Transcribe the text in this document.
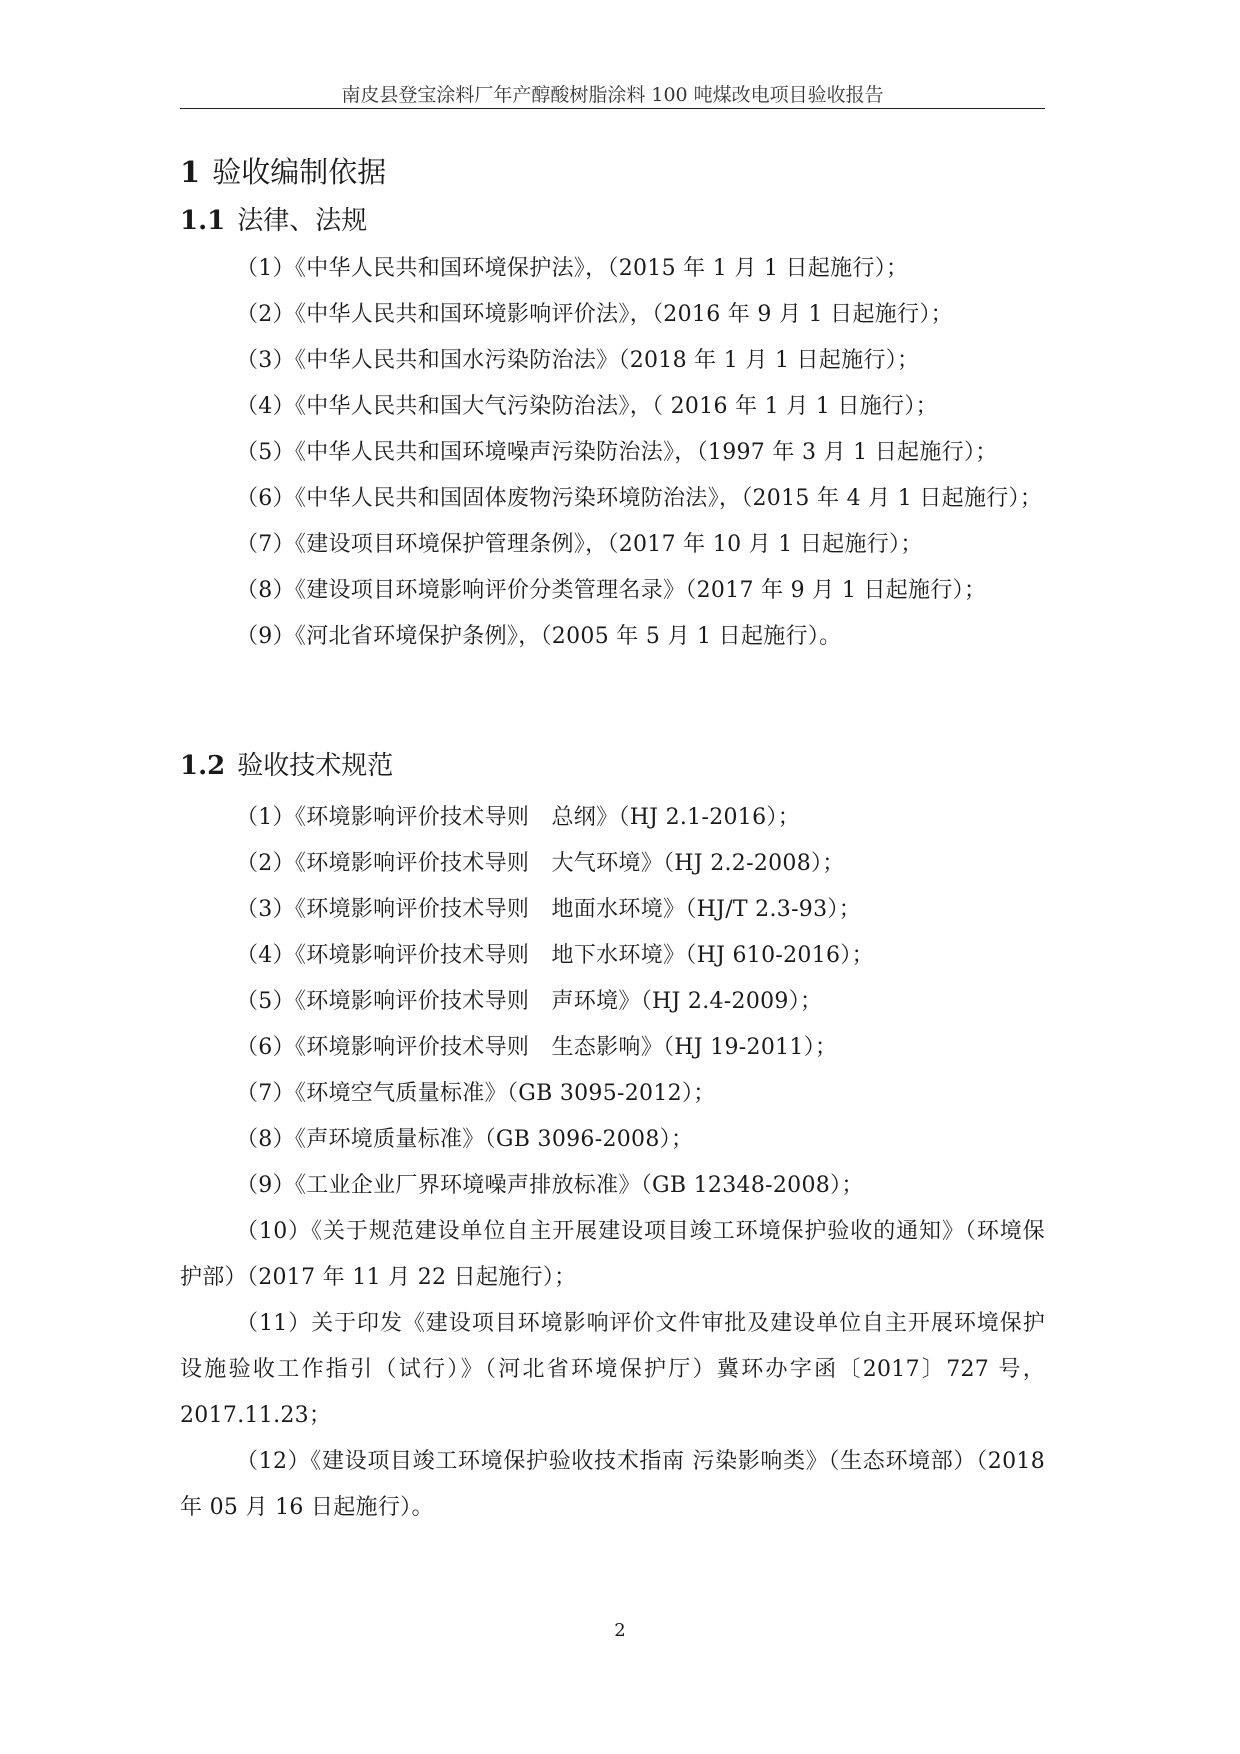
南皮县登宝涂料厂年产醇酸树脂涂料 100 吨煤改电项目验收报告
1 验收编制依据
1.1 法律、法规
（1）《中华人民共和国环境保护法》，（2015 年 1 月 1 日起施行）；
（2）《中华人民共和国环境影响评价法》，（2016 年 9 月 1 日起施行）；
（3）《中华人民共和国水污染防治法》（2018 年 1 月 1 日起施行）；
（4）《中华人民共和国大气污染防治法》，（ 2016 年 1 月 1 日施行）；
（5）《中华人民共和国环境噪声污染防治法》，（1997 年 3 月 1 日起施行）；
（6）《中华人民共和国固体废物污染环境防治法》，（2015 年 4 月 1 日起施行）；
（7）《建设项目环境保护管理条例》，（2017 年 10 月 1 日起施行）；
（8）《建设项目环境影响评价分类管理名录》（2017 年 9 月 1 日起施行）；
（9）《河北省环境保护条例》，（2005 年 5 月 1 日起施行）。
1.2 验收技术规范
（1）《环境影响评价技术导则　总纲》（HJ 2.1-2016）；
（2）《环境影响评价技术导则　大气环境》（HJ 2.2-2008）；
（3）《环境影响评价技术导则　地面水环境》（HJ/T 2.3-93）；
（4）《环境影响评价技术导则　地下水环境》（HJ 610-2016）；
（5）《环境影响评价技术导则　声环境》（HJ 2.4-2009）；
（6）《环境影响评价技术导则　生态影响》（HJ 19-2011）；
（7）《环境空气质量标准》（GB 3095-2012）；
（8）《声环境质量标准》（GB 3096-2008）；
（9）《工业企业厂界环境噪声排放标准》（GB 12348-2008）；
（10）《关于规范建设单位自主开展建设项目竣工环境保护验收的通知》（环境保护部）（2017 年 11 月 22 日起施行）；
（11）关于印发《建设项目环境影响评价文件审批及建设单位自主开展环境保护设施验收工作指引（试行）》（河北省环境保护厅）冀环办字函〔2017〕727 号，2017.11.23；
（12）《建设项目竣工环境保护验收技术指南 污染影响类》（生态环境部）（2018 年 05 月 16 日起施行）。
2
